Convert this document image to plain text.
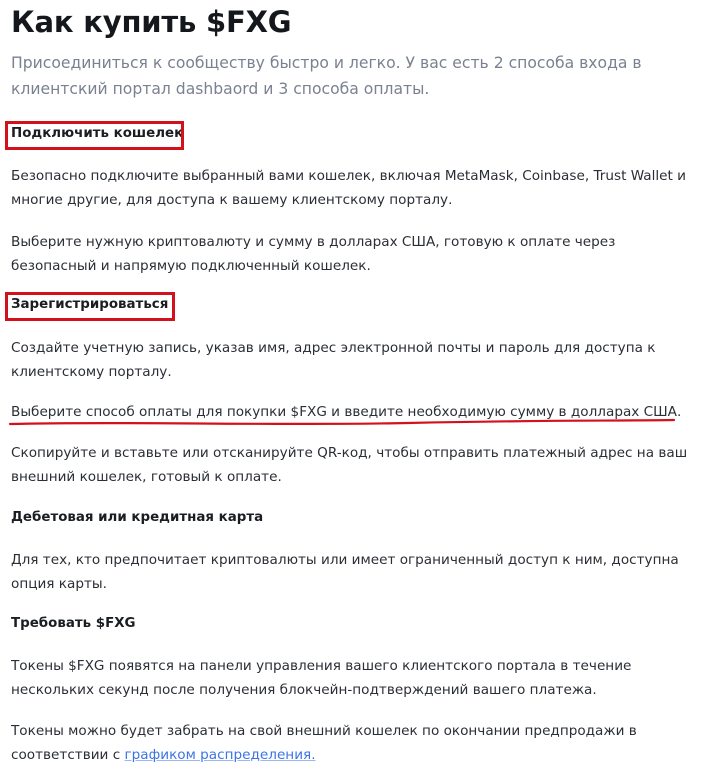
Как купить $FXG

Присоединиться к сообществу быстро и легко. У вас есть 2 способа входа в клиентский портал dashbaord и 3 способа оплаты.

Подключить кошелек

Безопасно подключите выбранный вами кошелек, включая MetaMask, Coinbase, Trust Wallet и многие другие, для доступа к вашему клиентскому порталу.

Выберите нужную криптовалюту и сумму в долларах США, готовую к оплате через безопасный и напрямую подключенный кошелек.

Зарегистрироваться

Создайте учетную запись, указав имя, адрес электронной почты и пароль для доступа к клиентскому порталу.

Выберите способ оплаты для покупки $FXG и введите необходимую сумму в долларах США.

Скопируйте и вставьте или отсканируйте QR-код, чтобы отправить платежный адрес на ваш внешний кошелек, готовый к оплате.

Дебетовая или кредитная карта

Для тех, кто предпочитает криптовалюты или имеет ограниченный доступ к ним, доступна опция карты.

Требовать $FXG

Токены $FXG появятся на панели управления вашего клиентского портала в течение нескольких секунд после получения блокчейн-подтверждений вашего платежа.

Токены можно будет забрать на свой внешний кошелек по окончании предпродажи в соответствии с графиком распределения.
